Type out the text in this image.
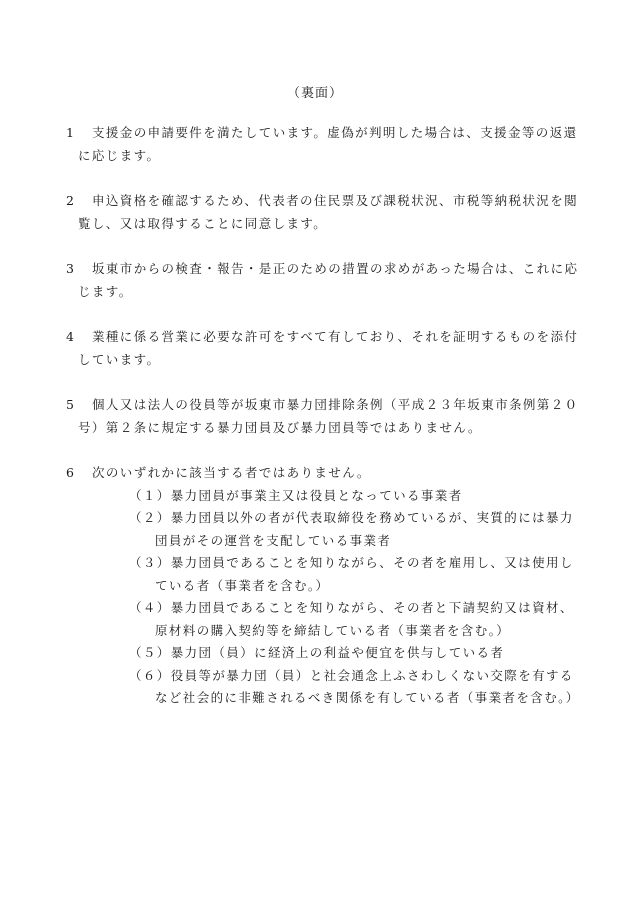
（裏面）
1	支援金の申請要件を満たしています。虚偽が判明した場合は、支援金等の返還に応じます。
2	申込資格を確認するため、代表者の住民票及び課税状況、市税等納税状況を閲覧し、又は取得することに同意します。
3	坂東市からの検査・報告・是正のための措置の求めがあった場合は、これに応じます。
4	業種に係る営業に必要な許可をすべて有しており、それを証明するものを添付しています。
5	個人又は法人の役員等が坂東市暴力団排除条例（平成２３年坂東市条例第２０号）第２条に規定する暴力団員及び暴力団員等ではありません。
6	次のいずれかに該当する者ではありません。
（１）暴力団員が事業主又は役員となっている事業者
（２）暴力団員以外の者が代表取締役を務めているが、実質的には暴力団員がその運営を支配している事業者
（３）暴力団員であることを知りながら、その者を雇用し、又は使用している者（事業者を含む。）
（４）暴力団員であることを知りながら、その者と下請契約又は資材、原材料の購入契約等を締結している者（事業者を含む。）
（５）暴力団（員）に経済上の利益や便宜を供与している者
（６）役員等が暴力団（員）と社会通念上ふさわしくない交際を有するなど社会的に非難されるべき関係を有している者（事業者を含む。）
